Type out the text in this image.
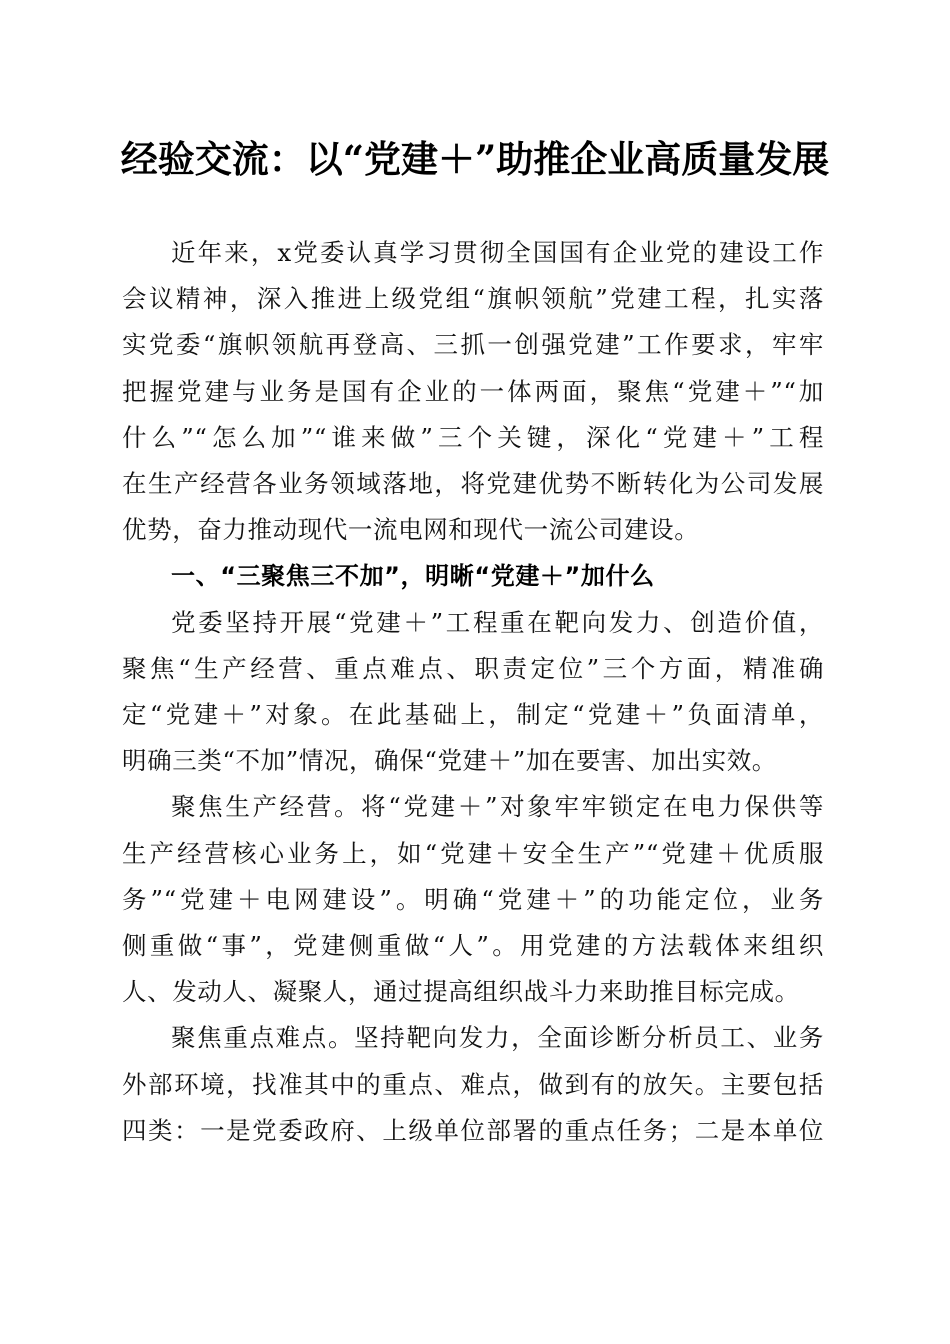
经验交流：以“党建＋”助推企业高质量发展
近年来，x党委认真学习贯彻全国国有企业党的建设工作
会议精神，深入推进上级党组“旗帜领航”党建工程，扎实落
实党委“旗帜领航再登高、三抓一创强党建”工作要求，牢牢
把握党建与业务是国有企业的一体两面，聚焦“党建＋”“加
什么”“怎么加”“谁来做”三个关键，深化“党建＋”工程
在生产经营各业务领域落地，将党建优势不断转化为公司发展
优势，奋力推动现代一流电网和现代一流公司建设。
一、“三聚焦三不加”，明晰“党建＋”加什么
党委坚持开展“党建＋”工程重在靶向发力、创造价值，
聚焦“生产经营、重点难点、职责定位”三个方面，精准确
定“党建＋”对象。在此基础上，制定“党建＋”负面清单，
明确三类“不加”情况，确保“党建＋”加在要害、加出实效。
聚焦生产经营。将“党建＋”对象牢牢锁定在电力保供等
生产经营核心业务上，如“党建＋安全生产”“党建＋优质服
务”“党建＋电网建设”。明确“党建＋”的功能定位，业务
侧重做“事”，党建侧重做“人”。用党建的方法载体来组织
人、发动人、凝聚人，通过提高组织战斗力来助推目标完成。
聚焦重点难点。坚持靶向发力，全面诊断分析员工、业务
外部环境，找准其中的重点、难点，做到有的放矢。主要包括
四类：一是党委政府、上级单位部署的重点任务；二是本单位
